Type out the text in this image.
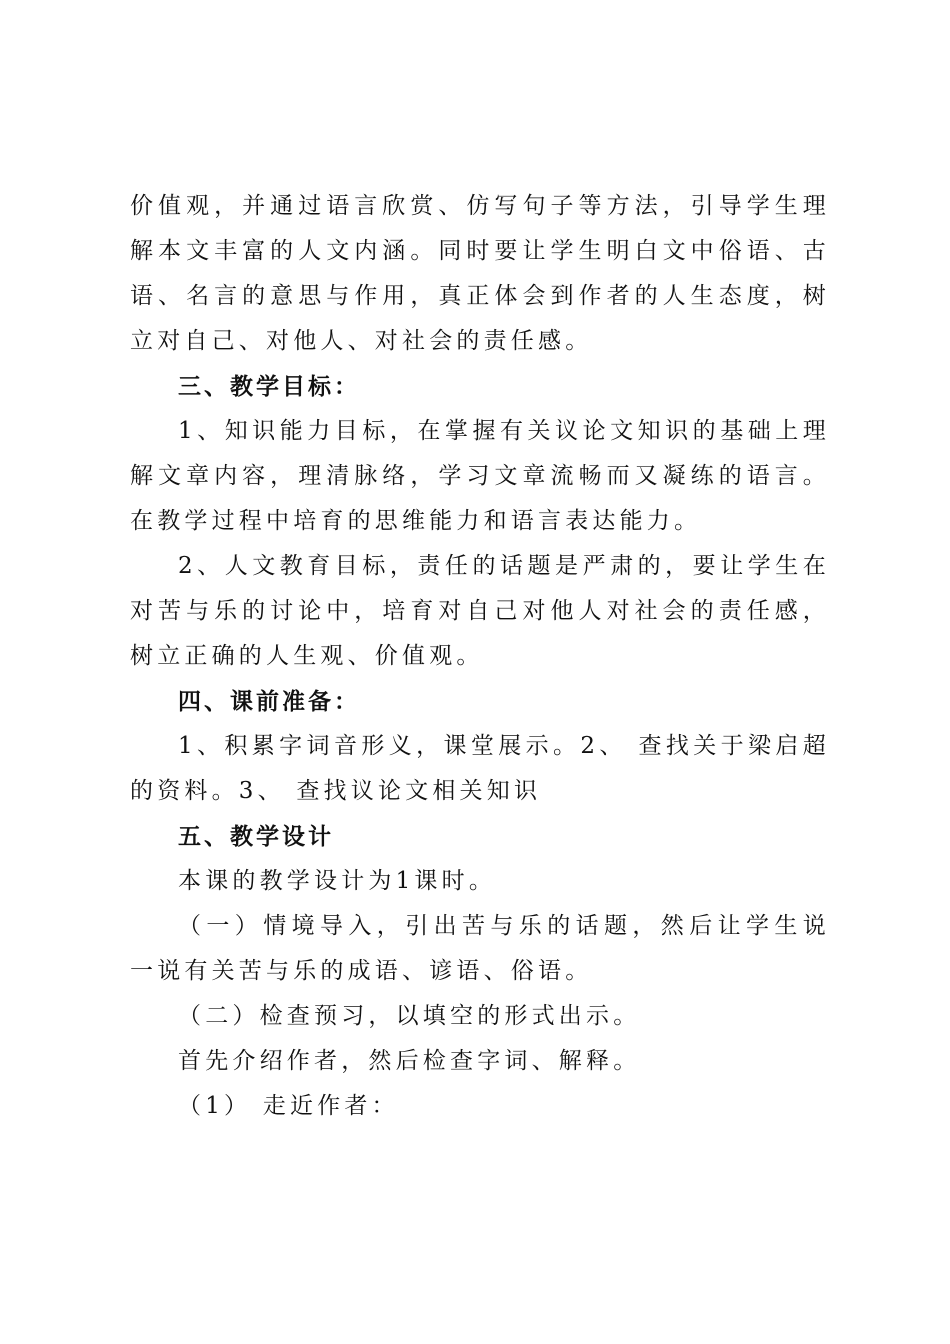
价值观，并通过语言欣赏、仿写句子等方法，引导学生理解本文丰富的人文内涵。同时要让学生明白文中俗语、古语、名言的意思与作用，真正体会到作者的人生态度，树立对自己、对他人、对社会的责任感。

三、教学目标：

1、知识能力目标，在掌握有关议论文知识的基础上理解文章内容，理清脉络，学习文章流畅而又凝练的语言。在教学过程中培育的思维能力和语言表达能力。

2、人文教育目标，责任的话题是严肃的，要让学生在对苦与乐的讨论中，培育对自己对他人对社会的责任感，树立正确的人生观、价值观。

四、课前准备：

1、积累字词音形义，课堂展示。2、 查找关于梁启超的资料。3、 查找议论文相关知识

五、教学设计

本课的教学设计为1课时。

（一）情境导入，引出苦与乐的话题，然后让学生说一说有关苦与乐的成语、谚语、俗语。

（二）检查预习，以填空的形式出示。

首先介绍作者，然后检查字词、解释。

（1） 走近作者：
